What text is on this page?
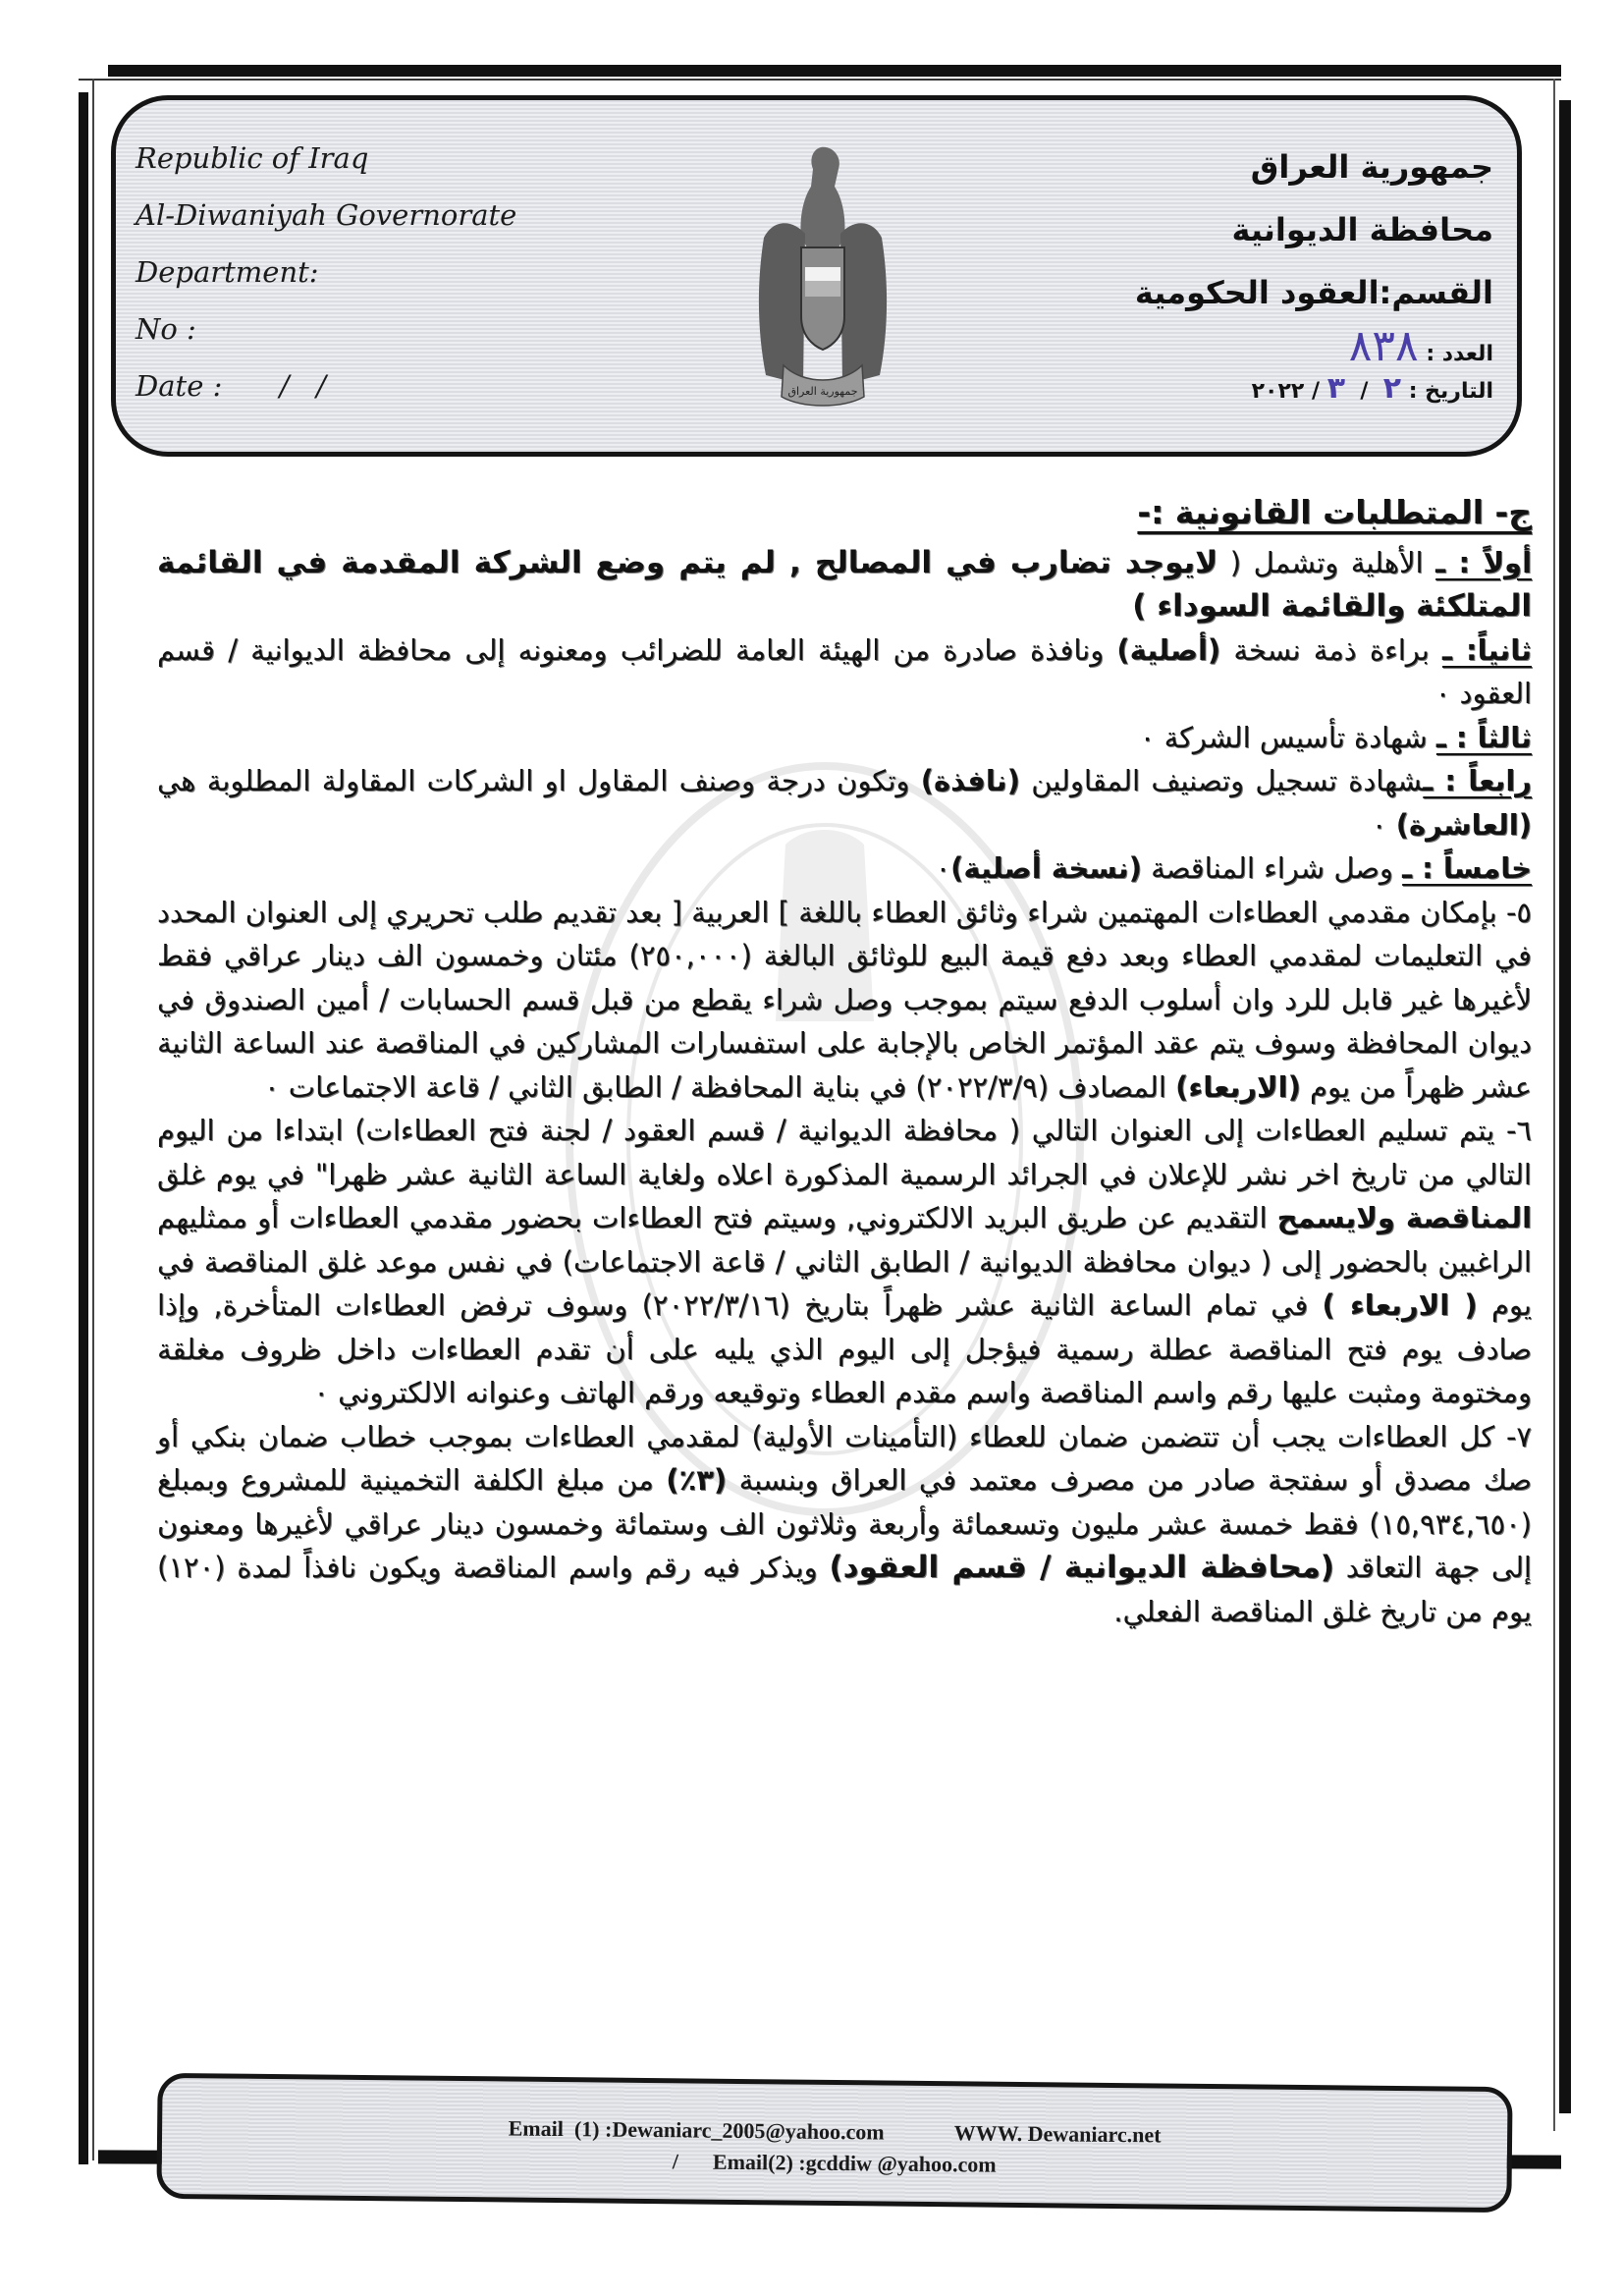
Republic of Iraq
Al-Diwaniyah Governorate
Department:
No :
Date : /   /	جمهورية العراق
جمهورية العراق
محافظة الديوانية
القسم:العقود الحكومية
العدد : ٨٣٨
التاريخ : ٢  /  ٣ / ٢٠٢٢

ج- المتطلبات القانونية :-

أولاً : ـ الأهلية وتشمل ( لايوجد تضارب في المصالح , لم يتم وضع الشركة المقدمة في القائمة المتلكئة والقائمة السوداء )

ثانياً: ـ براءة ذمة نسخة (أصلية) ونافذة صادرة من الهيئة العامة للضرائب ومعنونه إلى محافظة الديوانية / قسم العقود ٠

ثالثاً : ـ شهادة تأسيس الشركة ٠

رابعاً : ـشهادة تسجيل وتصنيف المقاولين (نافذة) وتكون درجة وصنف المقاول او الشركات المقاولة المطلوبة هي (العاشرة) ٠

خامساً : ـ وصل شراء المناقصة (نسخة أصلية)٠

٥- بإمكان مقدمي العطاءات المهتمين شراء وثائق العطاء باللغة ] العربية [ بعد تقديم طلب تحريري إلى العنوان المحدد في التعليمات لمقدمي العطاء وبعد دفع قيمة البيع للوثائق البالغة (٢٥٠,٠٠٠) مئتان وخمسون الف دينار عراقي فقط لأغيرها غير قابل للرد وان أسلوب الدفع سيتم بموجب وصل شراء يقطع من قبل قسم الحسابات / أمين الصندوق في ديوان المحافظة وسوف يتم عقد المؤتمر الخاص بالإجابة على استفسارات المشاركين في المناقصة عند الساعة الثانية عشر ظهراً من يوم (الاربعاء) المصادف (٢٠٢٢/٣/٩) في بناية المحافظة / الطابق الثاني / قاعة الاجتماعات ٠

٦- يتم تسليم العطاءات إلى العنوان التالي ( محافظة الديوانية / قسم العقود / لجنة فتح العطاءات) ابتداءا من اليوم التالي من تاريخ اخر نشر للإعلان في الجرائد الرسمية المذكورة اعلاه ولغاية الساعة الثانية عشر ظهرا" في يوم غلق المناقصة ولايسمح التقديم عن طريق البريد الالكتروني, وسيتم فتح العطاءات بحضور مقدمي العطاءات أو ممثليهم الراغبين بالحضور إلى ( ديوان محافظة الديوانية / الطابق الثاني / قاعة الاجتماعات) في نفس موعد غلق المناقصة في يوم ( الاربعاء ) في تمام الساعة الثانية عشر ظهراً بتاريخ (٢٠٢٢/٣/١٦) وسوف ترفض العطاءات المتأخرة, وإذا صادف يوم فتح المناقصة عطلة رسمية فيؤجل إلى اليوم الذي يليه على أن تقدم العطاءات داخل ظروف مغلقة ومختومة ومثبت عليها رقم واسم المناقصة واسم مقدم العطاء وتوقيعه ورقم الهاتف وعنوانه الالكتروني ٠

٧- كل العطاءات يجب أن تتضمن ضمان للعطاء (التأمينات الأولية) لمقدمي العطاءات بموجب خطاب ضمان بنكي أو صك مصدق أو سفتجة صادر من مصرف معتمد في العراق وبنسبة (٣٪) من مبلغ الكلفة التخمينية للمشروع وبمبلغ (١٥,٩٣٤,٦٥٠) فقط خمسة عشر مليون وتسعمائة وأربعة وثلاثون الف وستمائة وخمسون دينار عراقي لأغيرها ومعنون إلى جهة التعاقد (محافظة الديوانية / قسم العقود) ويذكر فيه رقم واسم المناقصة ويكون نافذاً لمدة (١٢٠) يوم من تاريخ غلق المناقصة الفعلي.

Email  (1) :Dewaniarc_2005@yahoo.com	WWW. Dewaniarc.net
/ Email(2) :gcddiw @yahoo.com
